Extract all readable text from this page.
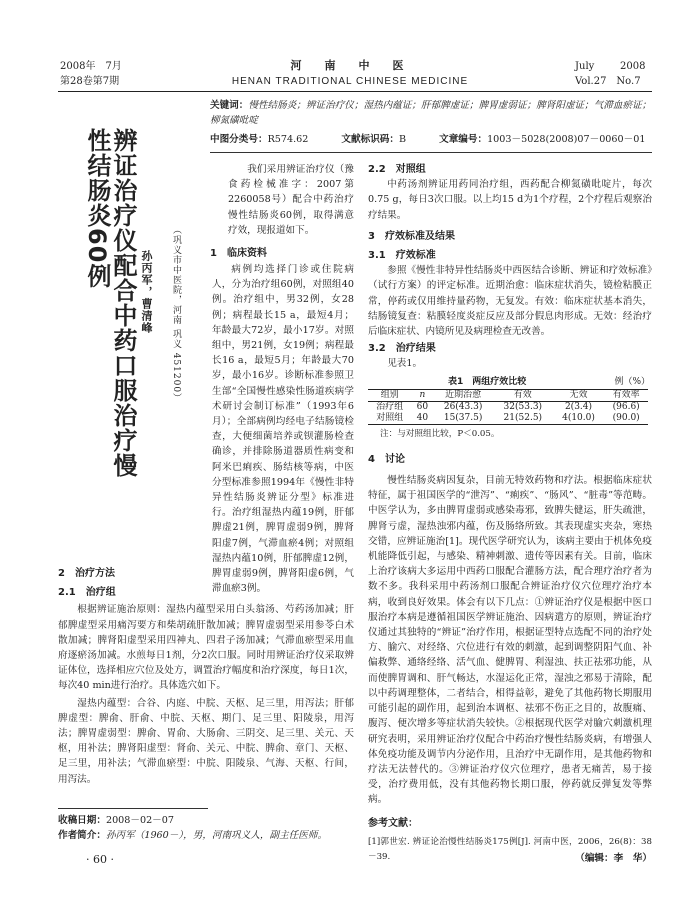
2008年　7月
第28卷第7期
河　南　中　医
HENAN TRADITIONAL CHINESE MEDICINE
July	2008
Vol.27　No.7
关键词：慢性结肠炎；辨证治疗仪；湿热内蕴证；肝郁脾虚证；脾胃虚弱证；脾肾阳虚证；气滞血瘀证；柳氮磺吡啶
中图分类号：R574.62	文献标识码：B	文章编号：1003－5028(2008)07－0060－01
辨证治疗仪配合中药口服治疗慢性结肠炎60例
孙丙军，曹清峰 （巩义市中医院，河南 巩义 451200）

我们采用辨证治疗仪（豫食药检械准字：2007第2260058号）配合中药治疗慢性结肠炎60例，取得满意疗效，现报道如下。

1　临床资料

病例均选择门诊或住院病人，分为治疗组60例，对照组40例。治疗组中，男32例，女28例；病程最长15 a，最短4月；年龄最大72岁，最小17岁。对照组中，男21例，女19例；病程最长16 a，最短5月；年龄最大70岁，最小16岁。诊断标准参照卫生部“全国慢性感染性肠道疾病学术研讨会制订标准”（1993年6月）；全部病例均经电子结肠镜检查，大便细菌培养或钡灌肠检查确诊，并排除肠道器质性病变和阿米巴痢疾、肠结核等病，中医分型标准参照1994年《慢性非特异性结肠炎辨证分型》标准进行。治疗组湿热内蕴19例，肝郁脾虚21例，脾胃虚弱9例，脾肾阳虚7例，气滞血瘀4例；对照组湿热内蕴10例，肝郁脾虚12例，脾胃虚弱9例，脾肾阳虚6例，气滞血瘀3例。

2　治疗方法
2.1　治疗组

根据辨证施治原则：湿热内蕴型采用白头翁汤、芍药汤加减；肝郁脾虚型采用痛泻要方和柴胡疏肝散加减；脾胃虚弱型采用参苓白术散加减；脾肾阳虚型采用四神丸、四君子汤加减；气滞血瘀型采用血府逐瘀汤加减。水煎每日1剂，分2次口服。同时用辨证治疗仪采取辨证体位，选择相应穴位及处方，调置治疗幅度和治疗深度，每日1次，每次40 min进行治疗。具体选穴如下。

湿热内蕴型：合谷、内庭、中脘、天枢、足三里，用泻法；肝郁脾虚型：脾俞、肝俞、中脘、天枢、期门、足三里、阳陵泉，用泻法；脾胃虚弱型：脾俞、胃俞、大肠俞、三阴交、足三里、关元、天枢，用补法；脾肾阳虚型：肾俞、关元、中脘、脾俞、章门、天枢、足三里，用补法；气滞血瘀型：中脘、阳陵泉、气海、天枢、行间，用泻法。

收稿日期：2008－02－07
作者简介：孙丙军（1960－），男，河南巩义人，副主任医师。
· 60 ·
2.2　对照组

中药汤剂辨证用药同治疗组，西药配合柳氮磺吡啶片，每次0.75 g，每日3次口服。以上均15 d为1个疗程，2个疗程后观察治疗结果。

3　疗效标准及结果
3.1　疗效标准

参照《慢性非特异性结肠炎中西医结合诊断、辨证和疗效标准》（试行方案）的评定标准。近期治愈：临床症状消失，镜检粘膜正常，停药或仅用维持量药物，无复发。有效：临床症状基本消失，结肠镜复查：粘膜轻度炎症反应及部分假息肉形成。无效：经治疗后临床症状、内镜所见及病理检查无改善。

3.2　治疗结果

见表1。

表1　两组疗效比较	例（%）
组别	n	近期治愈	有效	无效	有效率
治疗组	60	26(43.3)	32(53.3)	2(3.4)	(96.6)
对照组	40	15(37.5)	21(52.5)	4(10.0)	(90.0)
注：与对照组比较，P＜0.05。
4　讨论

慢性结肠炎病因复杂，目前无特效药物和疗法。根据临床症状特征，属于祖国医学的“泄泻”、“痢疾”、“肠风”、“脏毒”等范畴。中医学认为，多由脾胃虚弱或感染毒邪，致脾失健运，肝失疏泄，脾肾亏虚，湿热浊邪内蕴，伤及肠络所致。其表现虚实夹杂，寒热交错，应辨证施治[1]。现代医学研究认为，该病主要由于机体免疫机能降低引起，与感染、精神刺激、遗传等因素有关。目前，临床上治疗该病大多运用中西药口服配合灌肠方法，配合理疗治疗者为数不多。我科采用中药汤剂口服配合辨证治疗仪穴位理疗治疗本病，收到良好效果。体会有以下几点：①辨证治疗仪是根据中医口服治疗本病是遵循祖国医学辨证施治、因病遣方的原则，辨证治疗仪通过其独特的“辨证”治疗作用，根据证型特点选配不同的治疗处方、腧穴、对经络、穴位进行有效的刺激，起到调整阴阳气血、补偏救弊、通络经络、活气血、健脾胃、利湿浊、扶正祛邪功能，从而使脾胃调和、肝气畅达，水湿运化正常，湿浊之邪易于清除，配以中药调理整体，二者结合，相得益彰，避免了其他药物长期服用可能引起的副作用，起到治本调枢、祛邪不伤正之目的，故腹痛、腹泻、便次增多等症状消失较快。②根据现代医学对腧穴刺激机理研究表明，采用辨证治疗仪配合中药治疗慢性结肠炎病，有增强人体免疫功能及调节内分泌作用，且治疗中无副作用，是其他药物和疗法无法替代的。③辨证治疗仪穴位理疗，患者无痛苦，易于接受，治疗费用低，没有其他药物长期口服，停药就反弹复发等弊病。

参考文献：
[1]郭世宏. 辨证论治慢性结肠炎175例[J]. 河南中医，2006，26(8)：38－39.	（编辑：李　华）
